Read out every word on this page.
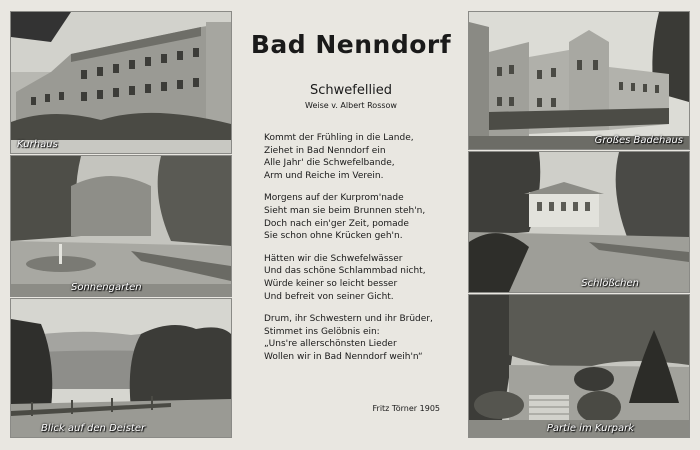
Kurhaus
Sonnengarten
Blick auf den Deister
Bad Nenndorf
Schwefellied
Weise v. Albert Rossow
Kommt der Frühling in die Lande,
Ziehet in Bad Nenndorf ein
Alle Jahr' die Schwefelbande,
Arm und Reiche im Verein.
Morgens auf der Kurprom'nade
Sieht man sie beim Brunnen steh'n,
Doch nach ein'ger Zeit, pomade
Sie schon ohne Krücken geh'n.
Hätten wir die Schwefelwässer
Und das schöne Schlammbad nicht,
Würde keiner so leicht besser
Und befreit von seiner Gicht.
Drum, ihr Schwestern und ihr Brüder,
Stimmet ins Gelöbnis ein:
„Uns're allerschönsten Lieder
Wollen wir in Bad Nenndorf weih'n“
Fritz Törner 1905
Großes Badehaus
Schlößchen
Partie im Kurpark
